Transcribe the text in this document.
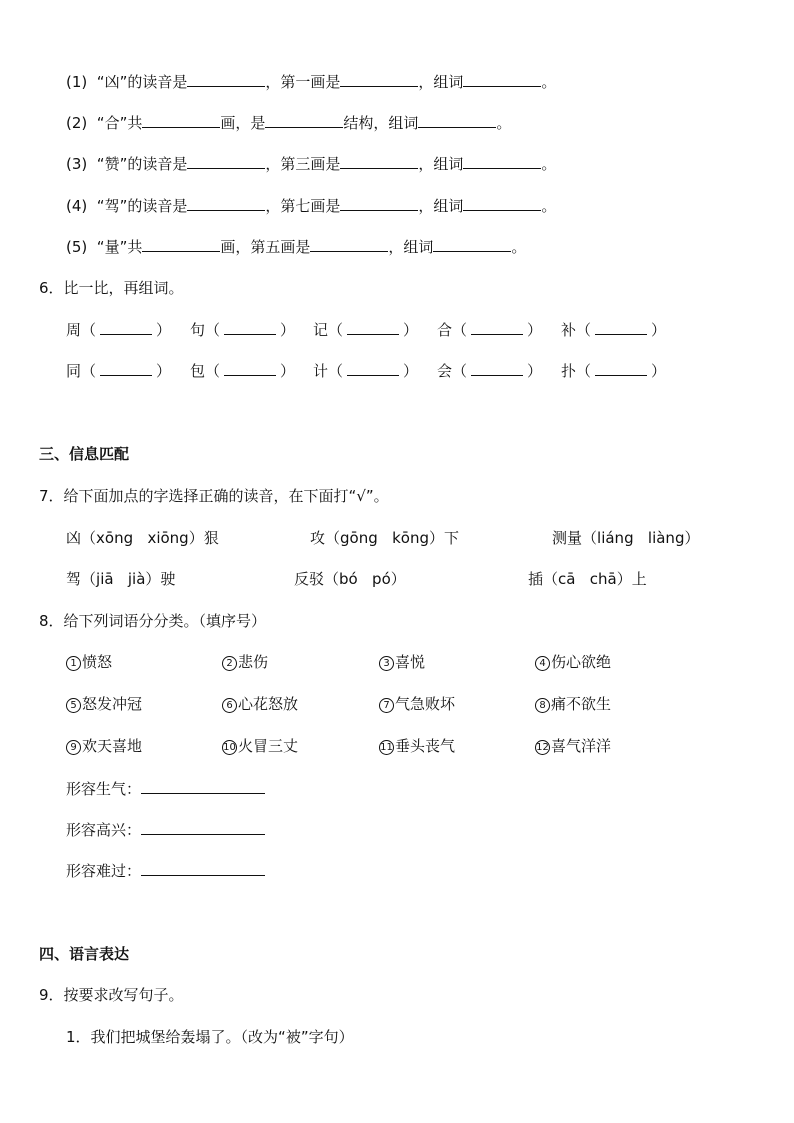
(1) “凶”的读音是	，第一画是	，组词	。
(2) “合”共	画，是	结构，组词	。
(3) “赞”的读音是	，第三画是	，组词	。
(4) “驾”的读音是	，第七画是	，组词	。
(5) “量”共	画，第五画是	，组词	。
6．比一比，再组词。
周（	） 句（	） 记（	） 合（	） 补（	）
同（	） 包（	） 计（	） 会（	） 扑（	）
三、信息匹配
7．给下面加点的字选择正确的读音，在下面打“√”。
凶（xōng xiōng）狠	攻（gōng kōng）下	测量（liáng liàng）
驾（jiā jià）驶	反驳（bó pó）	插（cā chā）上
8．给下列词语分分类。（填序号）
1 愤怒	2 悲伤	3 喜悦	4 伤心欲绝
5 怒发冲冠	6 心花怒放	7 气急败坏	8 痛不欲生
9 欢天喜地	10 火冒三丈	11 垂头丧气	12 喜气洋洋
形容生气：
形容高兴：
形容难过：
四、语言表达
9．按要求改写句子。
1．我们把城堡给轰塌了。（改为“被”字句）
